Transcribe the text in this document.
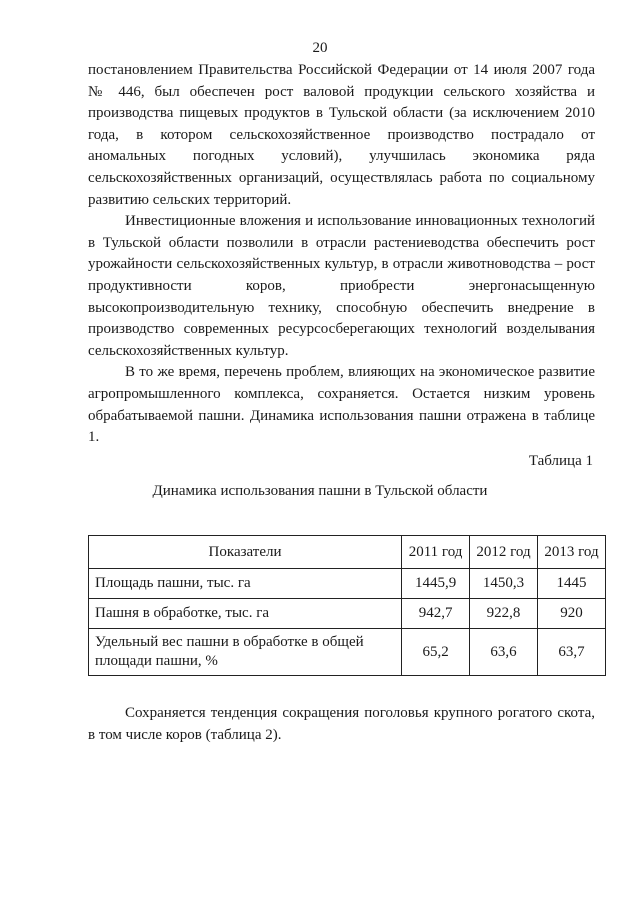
20

постановлением Правительства Российской Федерации от 14 июля 2007 года № 446, был обеспечен рост валовой продукции сельского хозяйства и производства пищевых продуктов в Тульской области (за исключением 2010 года, в котором сельскохозяйственное производство пострадало от аномальных погодных условий), улучшилась экономика ряда сельскохозяйственных организаций, осуществлялась работа по социальному развитию сельских территорий.

Инвестиционные вложения и использование инновационных технологий в Тульской области позволили в отрасли растениеводства обеспечить рост урожайности сельскохозяйственных культур, в отрасли животноводства – рост продуктивности коров, приобрести энергонасыщенную высокопроизводительную технику, способную обеспечить внедрение в производство современных ресурсосберегающих технологий возделывания сельскохозяйственных культур.

В то же время, перечень проблем, влияющих на экономическое развитие агропромышленного комплекса, сохраняется. Остается низким уровень обрабатываемой пашни. Динамика использования пашни отражена в таблице 1.

Таблица 1
Динамика использования пашни в Тульской области
Показатели	2011 год	2012 год	2013 год
Площадь пашни, тыс. га	1445,9	1450,3	1445
Пашня в обработке, тыс. га	942,7	922,8	920
Удельный вес пашни в обработке в общей площади пашни, %	65,2	63,6	63,7

Сохраняется тенденция сокращения поголовья крупного рогатого скота, в том числе коров (таблица 2).
